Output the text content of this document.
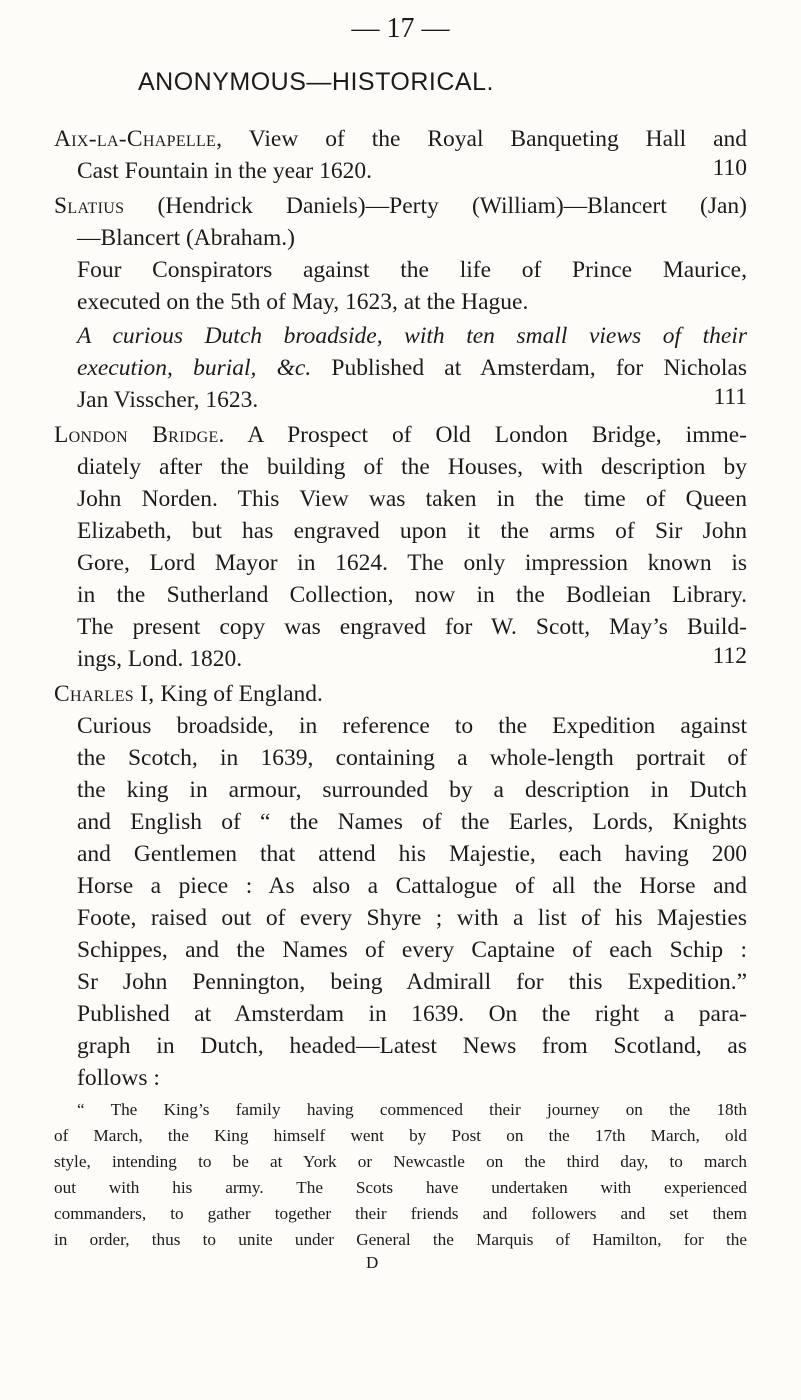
— 17 —
ANONYMOUS—HISTORICAL.
Aix-la-Chapelle, View of the Royal Banqueting Hall and
Cast Fountain in the year 1620.	110
Slatius (Hendrick Daniels)—Perty (William)—Blancert (Jan)
—Blancert (Abraham.)
Four Conspirators against the life of Prince Maurice,
executed on the 5th of May, 1623, at the Hague.
A curious Dutch broadside, with ten small views of their
execution, burial, &c. Published at Amsterdam, for Nicholas
Jan Visscher, 1623.	111
London Bridge. A Prospect of Old London Bridge, imme-
diately after the building of the Houses, with description by
John Norden. This View was taken in the time of Queen
Elizabeth, but has engraved upon it the arms of Sir John
Gore, Lord Mayor in 1624. The only impression known is
in the Sutherland Collection, now in the Bodleian Library.
The present copy was engraved for W. Scott, May’s Build-
ings, Lond. 1820.	112
Charles I, King of England.
Curious broadside, in reference to the Expedition against
the Scotch, in 1639, containing a whole-length portrait of
the king in armour, surrounded by a description in Dutch
and English of “ the Names of the Earles, Lords, Knights
and Gentlemen that attend his Majestie, each having 200
Horse a piece : As also a Cattalogue of all the Horse and
Foote, raised out of every Shyre ; with a list of his Majesties
Schippes, and the Names of every Captaine of each Schip :
Sr John Pennington, being Admirall for this Expedition.”
Published at Amsterdam in 1639. On the right a para-
graph in Dutch, headed—Latest News from Scotland, as
follows :
“ The King’s family having commenced their journey on the 18th
of March, the King himself went by Post on the 17th March, old
style, intending to be at York or Newcastle on the third day, to march
out with his army. The Scots have undertaken with experienced
commanders, to gather together their friends and followers and set them
in order, thus to unite under General the Marquis of Hamilton, for the
D
